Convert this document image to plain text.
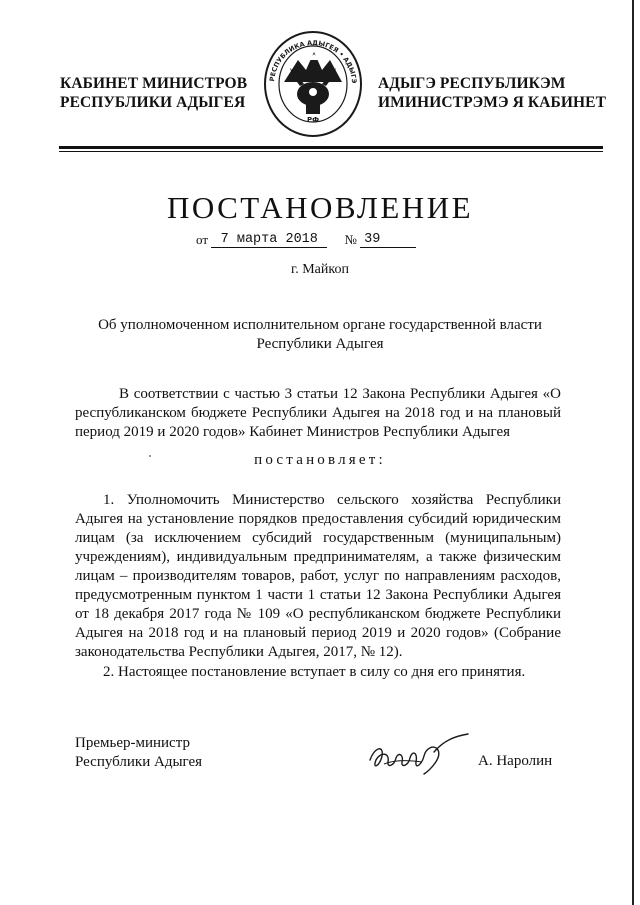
КАБИНЕТ МИНИСТРОВ
РЕСПУБЛИКИ АДЫГЕЯ
РЕСПУБЛИКА АДЫГЕЯ • АДЫГЭ
РФ
АДЫГЭ РЕСПУБЛИКЭМ
ИМИНИСТРЭМЭ Я КАБИНЕТ
ПОСТАНОВЛЕНИЕ
от 7 марта 2018 № 39
г. Майкоп
Об уполномоченном исполнительном органе государственной власти
Республики Адыгея
В соответствии с частью 3 статьи 12 Закона Республики Адыгея «О республиканском бюджете Республики Адыгея на 2018 год и на плановый период 2019 и 2020 годов» Кабинет Министров Республики Адыгея
постановляет:
1. Уполномочить Министерство сельского хозяйства Республики Адыгея на установление порядков предоставления субсидий юридическим лицам (за исключением субсидий государственным (муниципальным) учреждениям), индивидуальным предпринимателям, а также физическим лицам – производителям товаров, работ, услуг по направлениям расходов, предусмотренным пунктом 1 части 1 статьи 12 Закона Республики Адыгея от 18 декабря 2017 года № 109 «О республиканском бюджете Республики Адыгея на 2018 год и на плановый период 2019 и 2020 годов» (Собрание законодательства Республики Адыгея, 2017, № 12).
2. Настоящее постановление вступает в силу со дня его принятия.
Премьер-министр
Республики Адыгея	А. Наролин
